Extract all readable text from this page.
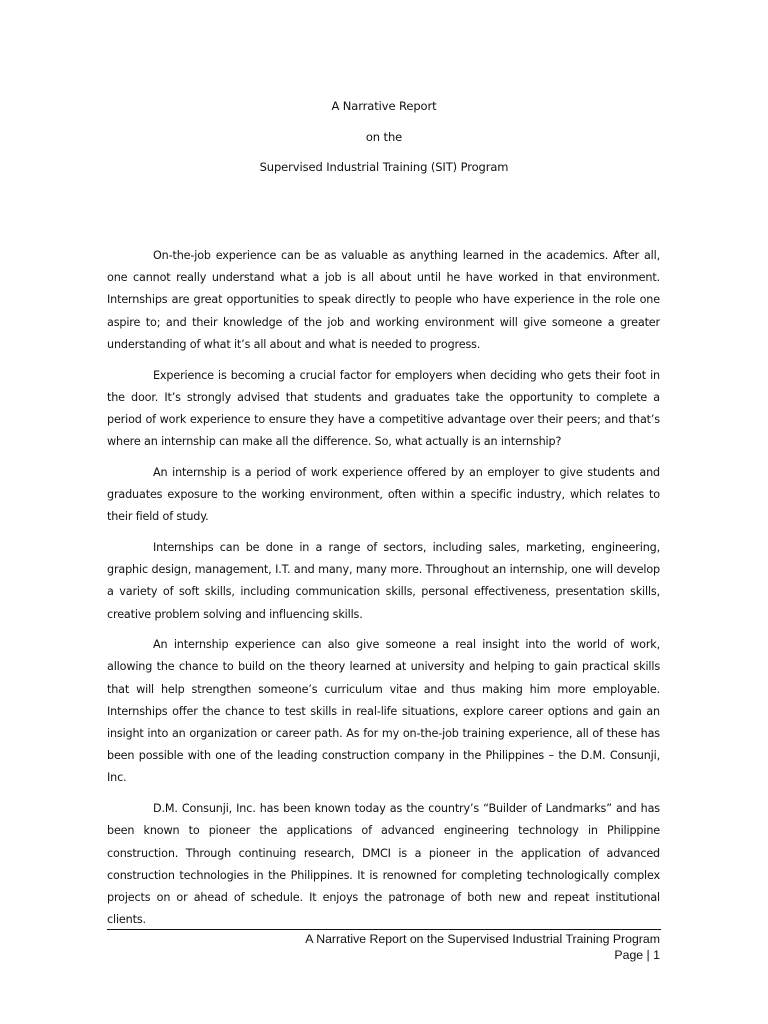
A Narrative Report
on the
Supervised Industrial Training (SIT) Program

On-the-job experience can be as valuable as anything learned in the academics. After all, one cannot really understand what a job is all about until he have worked in that environment. Internships are great opportunities to speak directly to people who have experience in the role one aspire to; and their knowledge of the job and working environment will give someone a greater understanding of what it’s all about and what is needed to progress.

Experience is becoming a crucial factor for employers when deciding who gets their foot in the door. It’s strongly advised that students and graduates take the opportunity to complete a period of work experience to ensure they have a competitive advantage over their peers; and that’s where an internship can make all the difference. So, what actually is an internship?

An internship is a period of work experience offered by an employer to give students and graduates exposure to the working environment, often within a specific industry, which relates to their field of study.

Internships can be done in a range of sectors, including sales, marketing, engineering, graphic design, management, I.T. and many, many more. Throughout an internship, one will develop a variety of soft skills, including communication skills, personal effectiveness, presentation skills, creative problem solving and influencing skills.

An internship experience can also give someone a real insight into the world of work, allowing the chance to build on the theory learned at university and helping to gain practical skills that will help strengthen someone’s curriculum vitae and thus making him more employable. Internships offer the chance to test skills in real-life situations, explore career options and gain an insight into an organization or career path. As for my on-the-job training experience, all of these has been possible with one of the leading construction company in the Philippines – the D.M. Consunji, Inc.

D.M. Consunji, Inc. has been known today as the country’s “Builder of Landmarks” and has been known to pioneer the applications of advanced engineering technology in Philippine construction. Through continuing research, DMCI is a pioneer in the application of advanced construction technologies in the Philippines. It is renowned for completing technologically complex projects on or ahead of schedule. It enjoys the patronage of both new and repeat institutional clients.

A Narrative Report on the Supervised Industrial Training Program
Page | 1
